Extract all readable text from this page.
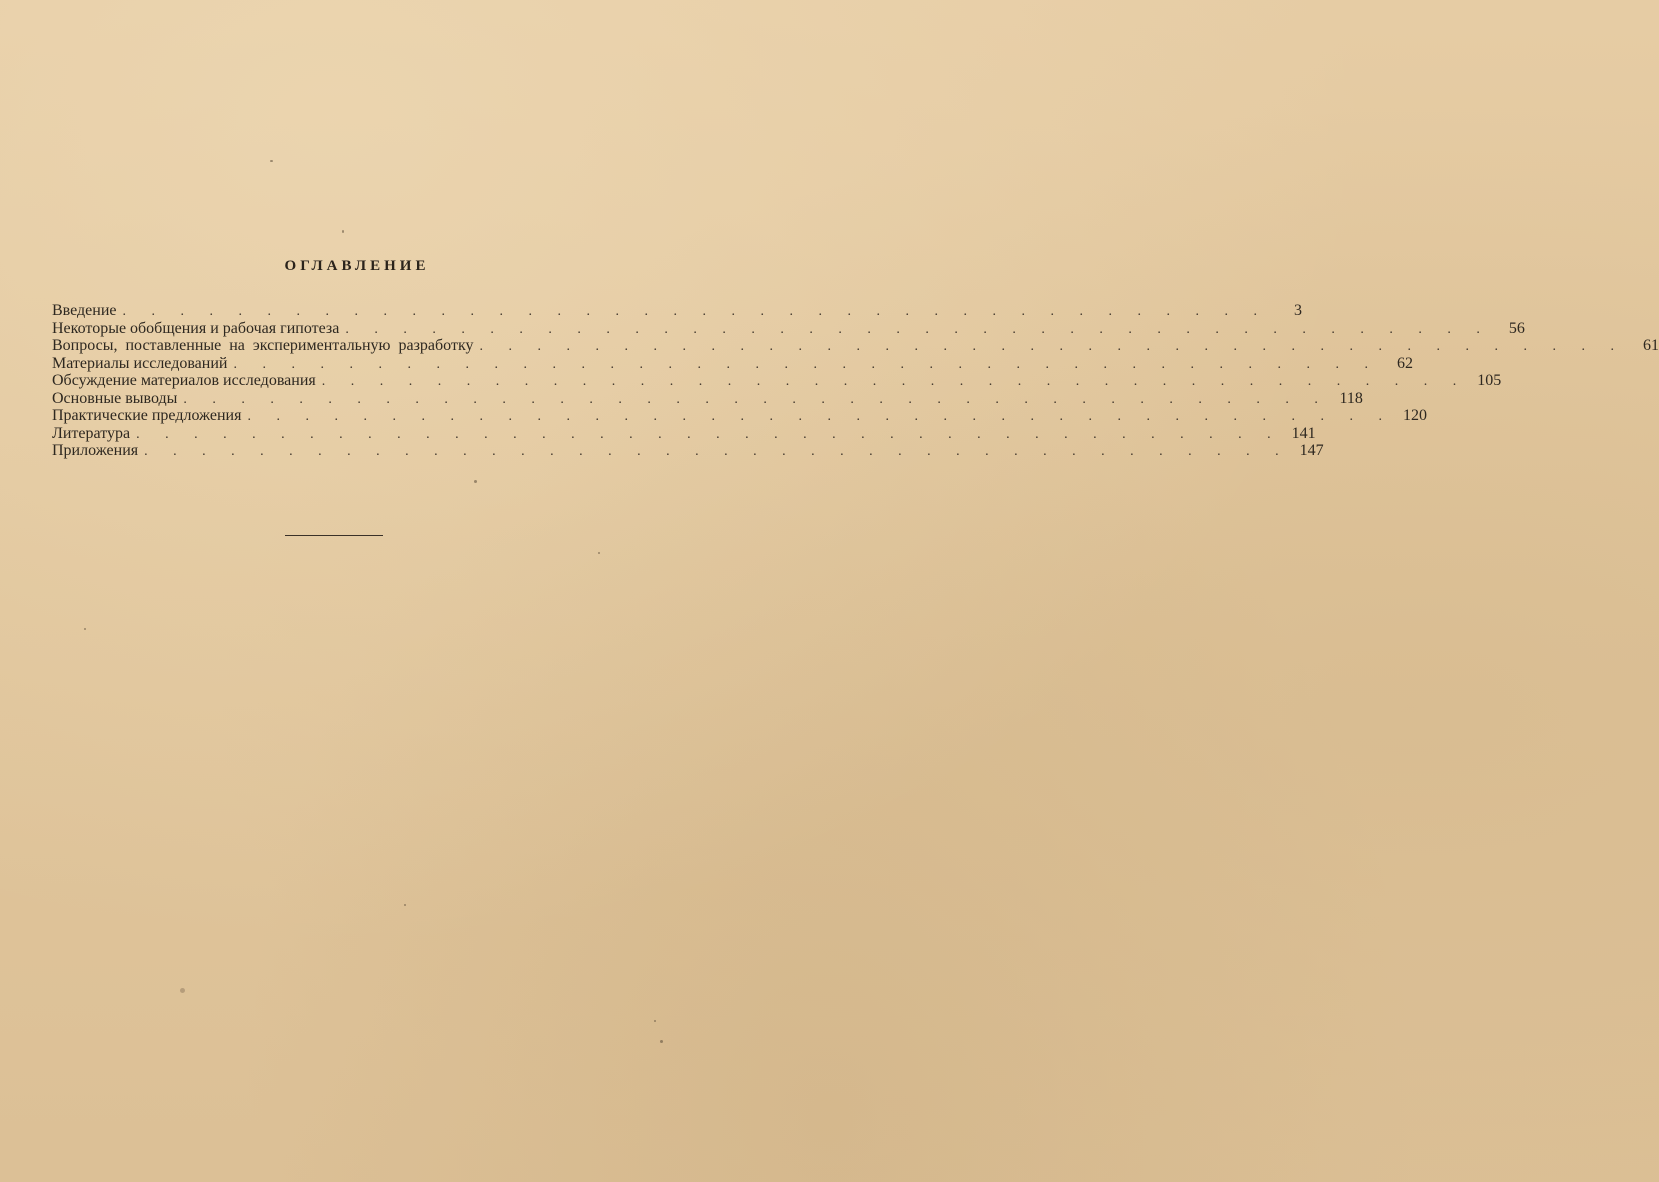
ОГЛАВЛЕНИЕ
Введение . . . . . . . . . . . . . . . . . . . . . . . . . . . . . . . . . . . . . . . .	3
Некоторые обобщения и рабочая гипотеза . . . . . . . . . . . . . . . . . . . . . . . . . . . . . . . . . . . . . . . .	56
Вопросы, поставленные на экспериментальную разработку . . . . . . . . . . . . . . . . . . . . . . . . . . . . . . . . . . . . . . . .	61
Материалы исследований . . . . . . . . . . . . . . . . . . . . . . . . . . . . . . . . . . . . . . . .	62
Обсуждение материалов исследования . . . . . . . . . . . . . . . . . . . . . . . . . . . . . . . . . . . . . . . . 105
Основные выводы . . . . . . . . . . . . . . . . . . . . . . . . . . . . . . . . . . . . . . . . 118
Практические предложения . . . . . . . . . . . . . . . . . . . . . . . . . . . . . . . . . . . . . . . . 120
Литература . . . . . . . . . . . . . . . . . . . . . . . . . . . . . . . . . . . . . . . . 141
Приложения . . . . . . . . . . . . . . . . . . . . . . . . . . . . . . . . . . . . . . . . 147
